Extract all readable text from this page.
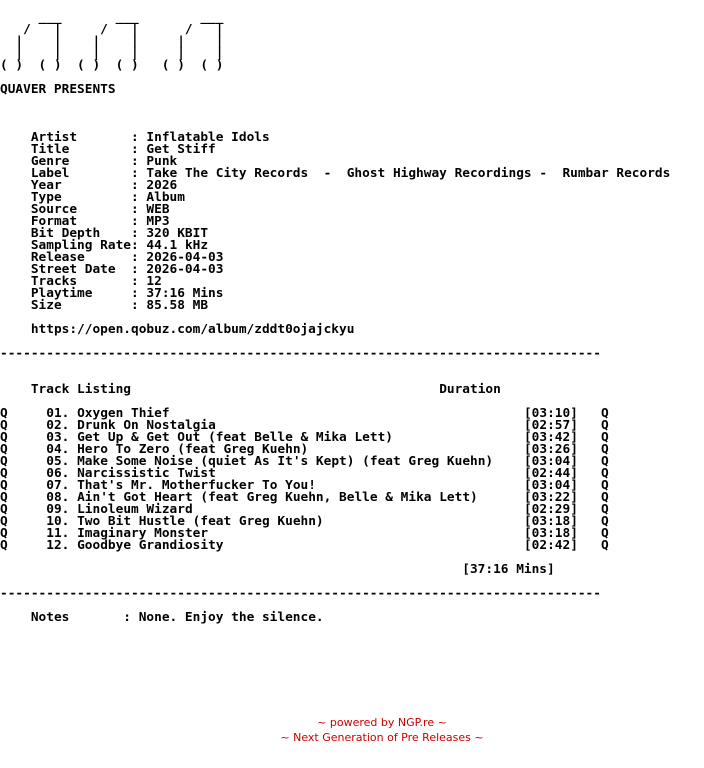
___       ___        ___
/   |     /   |      /   |
|    |    |    |     |    |
|    |    |    |     |    |
( )  ( )  ( )  ( )   ( )  ( )

QUAVER PRESENTS

Artist       : Inflatable Idols
Title        : Get Stiff
Genre        : Punk
Label        : Take The City Records  -  Ghost Highway Recordings -  Rumbar Records
Year         : 2026
Type         : Album
Source       : WEB
Format       : MP3
Bit Depth    : 320 KBIT
Sampling Rate: 44.1 kHz
Release      : 2026-04-03
Street Date  : 2026-04-03
Tracks       : 12
Playtime     : 37:16 Mins
Size         : 85.58 MB

https://open.qobuz.com/album/zddt0ojajckyu

------------------------------------------------------------------------------

Track Listing	Duration

Q	01. Oxygen Thief	[03:10] Q
Q	02. Drunk On Nostalgia	[02:57] Q
Q	03. Get Up & Get Out (feat Belle & Mika Lett)	[03:42] Q
Q	04. Hero To Zero (feat Greg Kuehn)	[03:26] Q
Q	05. Make Some Noise (quiet As It's Kept) (feat Greg Kuehn) [03:04] Q
Q	06. Narcissistic Twist	[02:44] Q
Q	07. That's Mr. Motherfucker To You!	[03:04] Q
Q	08. Ain't Got Heart (feat Greg Kuehn, Belle & Mika Lett)	[03:22] Q
Q	09. Linoleum Wizard	[02:29] Q
Q	10. Two Bit Hustle (feat Greg Kuehn)	[03:18] Q
Q	11. Imaginary Monster	[03:18] Q
Q	12. Goodbye Grandiosity	[02:42] Q

[37:16 Mins]

------------------------------------------------------------------------------

Notes       : None. Enjoy the silence.
~ powered by NGP.re ~
~ Next Generation of Pre Releases ~
